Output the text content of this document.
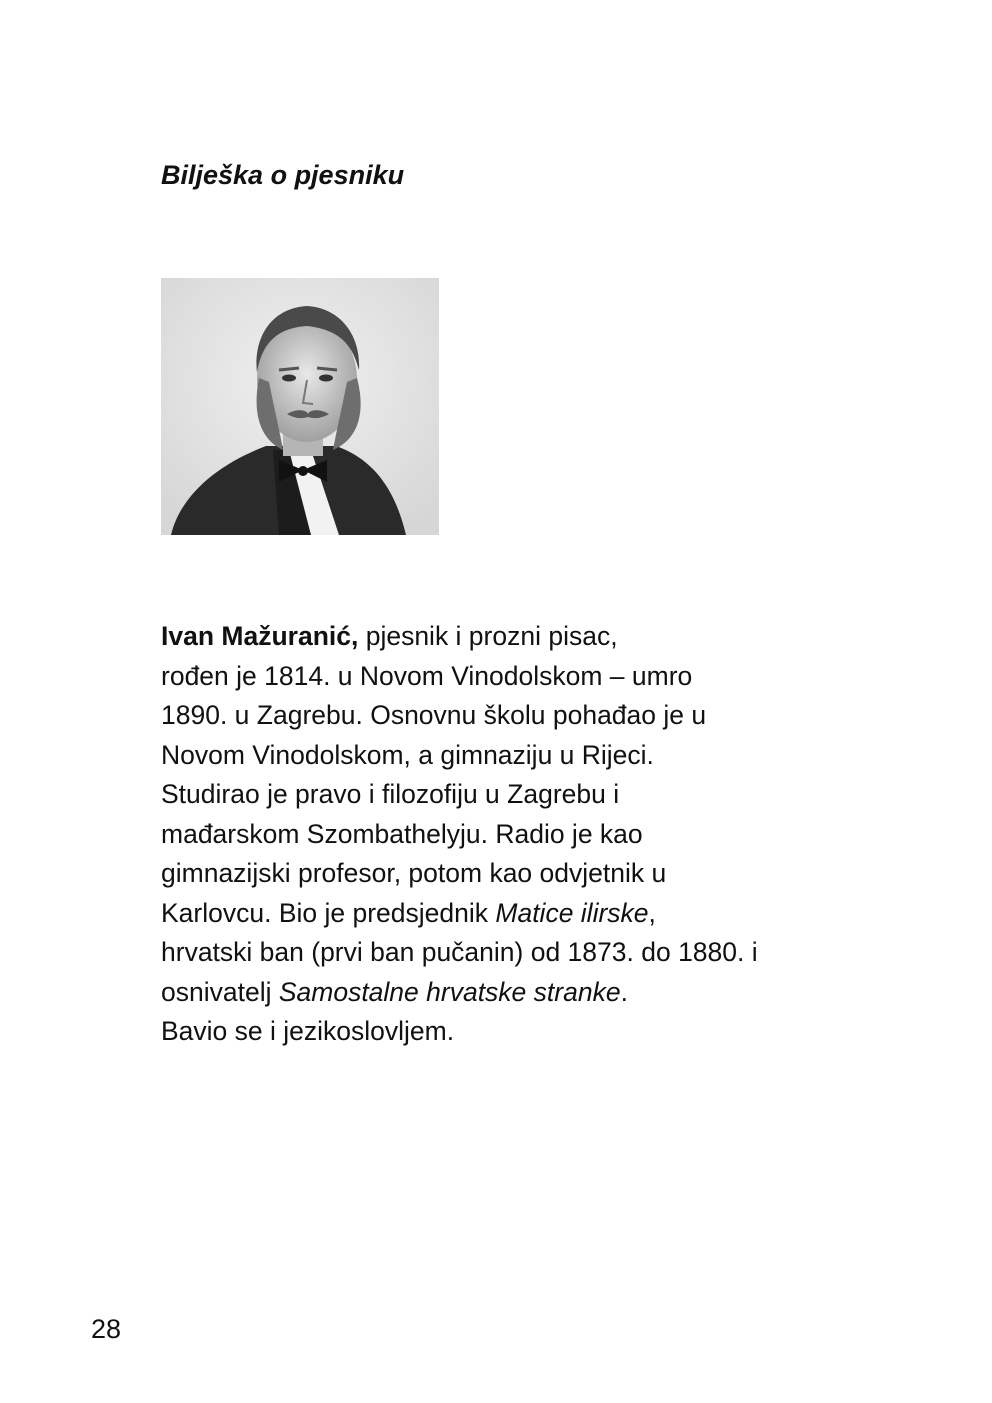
Bilješka o pjesniku

Ivan Mažuranić, pjesnik i prozni pisac,
rođen je 1814. u Novom Vinodolskom – umro
1890. u Zagrebu. Osnovnu školu pohađao je u
Novom Vinodolskom, a gimnaziju u Rijeci.
Studirao je pravo i filozofiju u Zagrebu i
mađarskom Szombathelyju. Radio je kao
gimnazijski profesor, potom kao odvjetnik u
Karlovcu. Bio je predsjednik Matice ilirske,
hrvatski ban (prvi ban pučanin) od 1873. do 1880. i
osnivatelj Samostalne hrvatske stranke.
Bavio se i jezikoslovljem.

28
